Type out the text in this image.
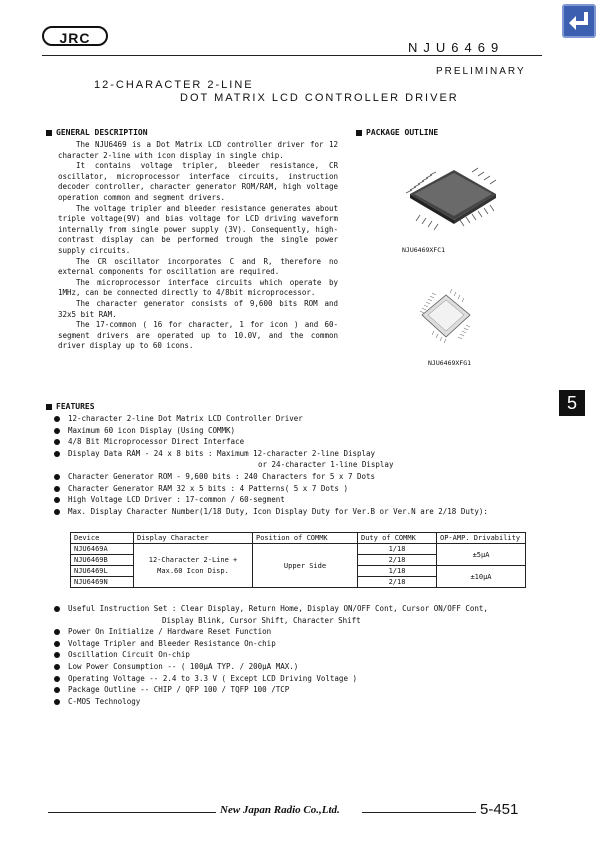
JRC
NJU6469
PRELIMINARY
12-CHARACTER 2-LINE
DOT MATRIX LCD CONTROLLER DRIVER
GENERAL DESCRIPTION

The NJU6469 is a Dot Matrix LCD controller driver for 12 character 2-line with icon display in single chip.

It contains voltage tripler, bleeder resistance, CR oscillator, microprocessor interface circuits, instruction decoder controller, character generator ROM/RAM, high voltage operation common and segment drivers.

The voltage tripler and bleeder resistance generates about triple voltage(9V) and bias voltage for LCD driving waveform internally from single power supply (3V). Consequently, high-contrast display can be performed trough the single power supply circuits.

The CR oscillator incorporates C and R, therefore no external components for oscillation are required.

The microprocessor interface circuits which operate by 1MHz, can be connected directly to 4/8bit microprocessor.

The character generator consists of 9,600 bits ROM and 32x5 bit RAM.

The 17-common ( 16 for character, 1 for icon ) and 60-segment drivers are operated up to 10.0V, and the common driver display up to 60 icons.

PACKAGE OUTLINE
NJU6469XFC1
NJU6469XFG1
5
FEATURES
12-character 2-line Dot Matrix LCD Controller Driver
Maximum 60 icon Display (Using COMMK)
4/8 Bit Microprocessor Direct Interface
Display Data RAM - 24 x 8 bits : Maximum 12-character 2-line Display
or 24-character 1-line Display
Character Generator ROM - 9,600 bits : 240 Characters for 5 x 7 Dots
Character Generator RAM 32 x 5 bits : 4 Patterns( 5 x 7 Dots )
High Voltage LCD Driver : 17-common / 60-segment
Max. Display Character Number(1/18 Duty, Icon Display Duty for Ver.B or Ver.N are 2/18 Duty):
Device	Display Character	Position of COMMK	Duty of COMMK	OP-AMP. Drivability
NJU6469A	12-Character 2-Line + Max.60 Icon Disp.	Upper Side	1/18	±5µA
NJU6469B			2/18	
NJU6469L			1/18	±10µA
NJU6469N			2/18	
Useful Instruction Set : Clear Display, Return Home, Display ON/OFF Cont, Cursor ON/OFF Cont,
Display Blink, Cursor Shift, Character Shift
Power On Initialize / Hardware Reset Function
Voltage Tripler and Bleeder Resistance On-chip
Oscillation Circuit On-chip
Low Power Consumption -- ( 100µA TYP. / 200µA MAX.)
Operating Voltage -- 2.4 to 3.3 V ( Except LCD Driving Voltage )
Package Outline -- CHIP / QFP 100 / TQFP 100 /TCP
C-MOS Technology
New Japan Radio Co.,Ltd.	5-451
